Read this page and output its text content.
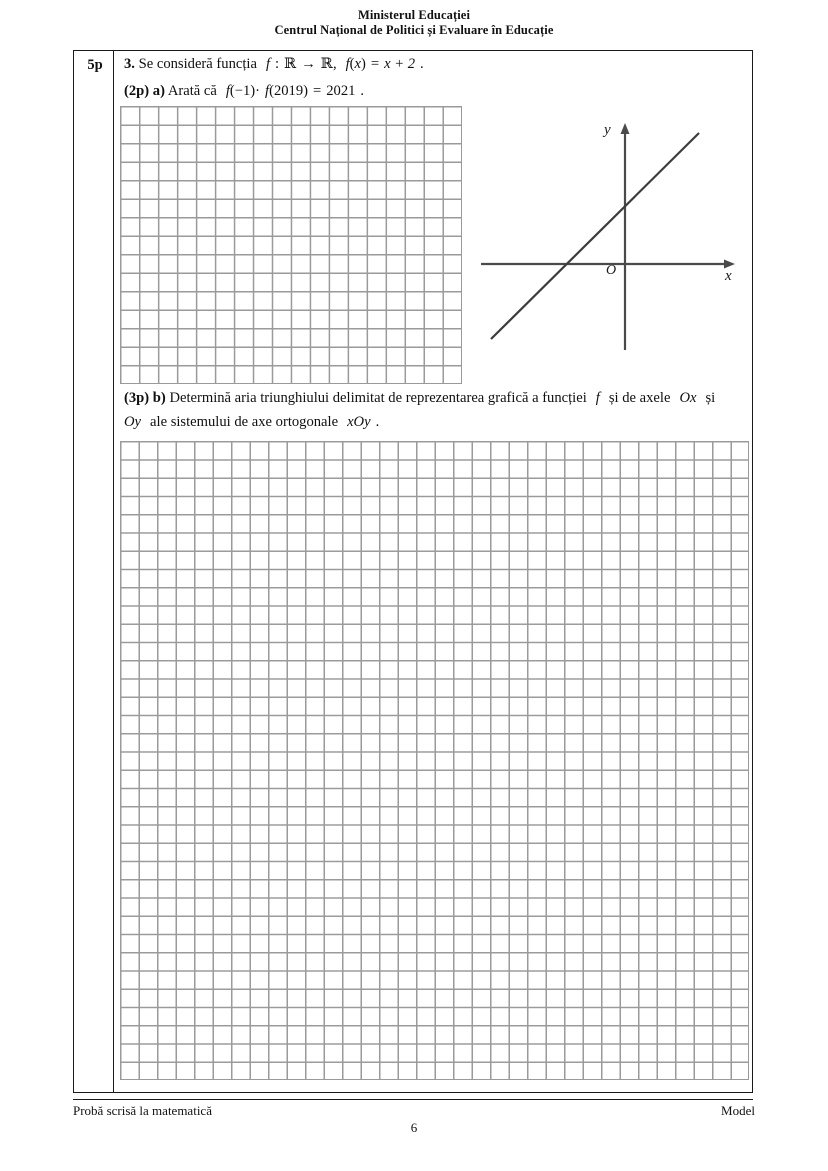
Ministerul Educației
Centrul Național de Politici și Evaluare în Educație
5p	3. Se consideră funcția f : ℝ → ℝ, f(x) = x + 2 .
(2p) a) Arată că f(−1)· f(2019) = 2021 .
y
x
O
(3p) b) Determină aria triunghiului delimitat de reprezentarea grafică a funcției f și de axele Ox și
Oy ale sistemului de axe ortogonale xOy .
Probă scrisă la matematică	Model
6
